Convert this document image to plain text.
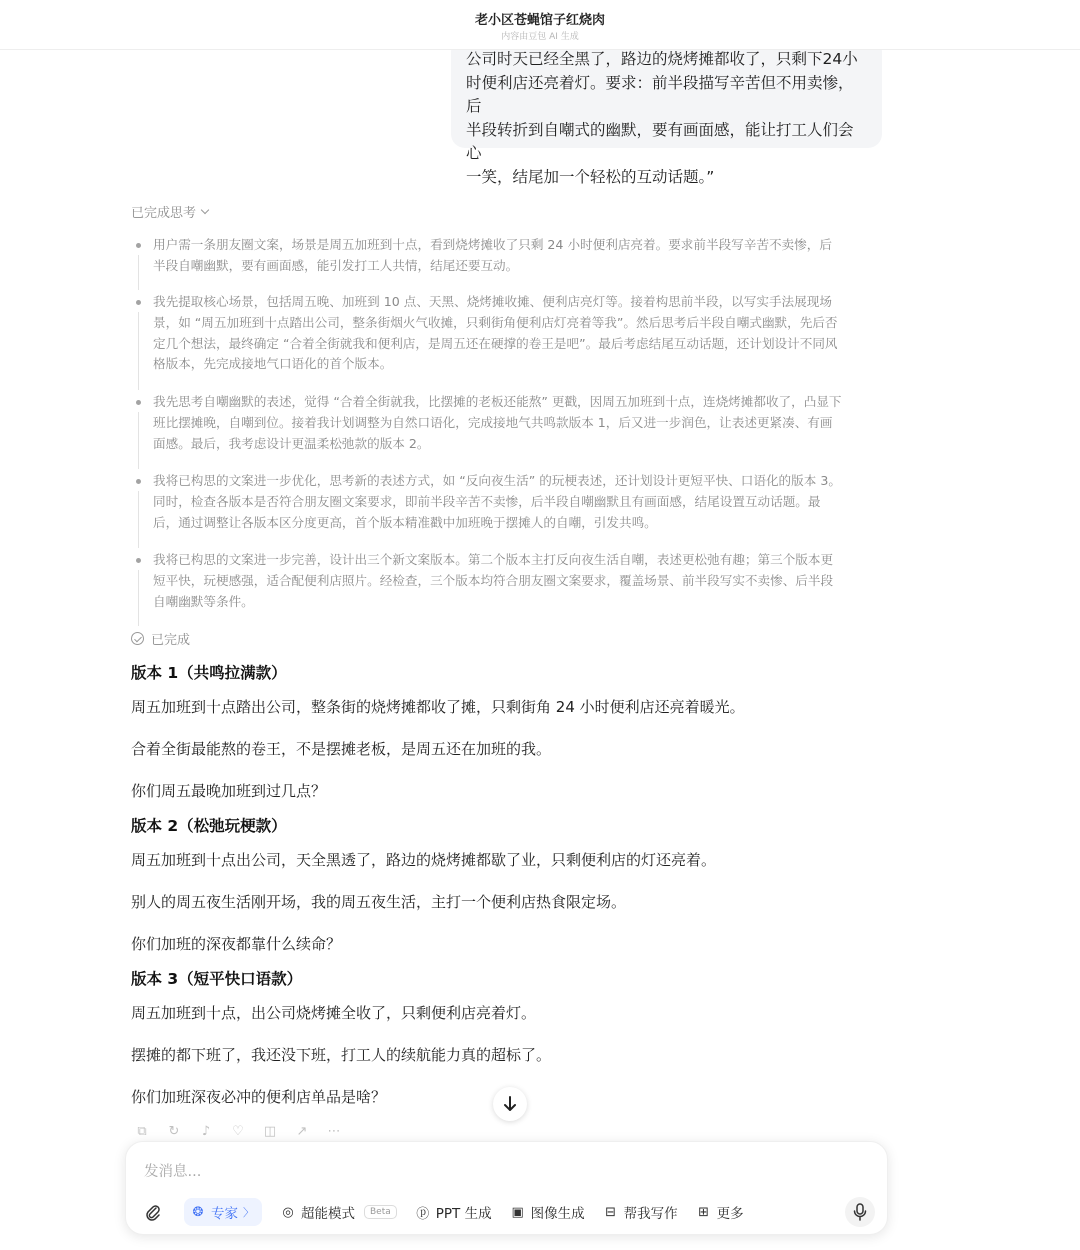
老小区苍蝇馆子红烧肉
内容由豆包 AI 生成
公司时天已经全黑了，路边的烧烤摊都收了，只剩下24小
时便利店还亮着灯。要求：前半段描写辛苦但不用卖惨，后
半段转折到自嘲式的幽默，要有画面感，能让打工人们会心
一笑，结尾加一个轻松的互动话题。”
已完成思考
用户需一条朋友圈文案，场景是周五加班到十点，看到烧烤摊收了只剩 24 小时便利店亮着。要求前半段写辛苦不卖惨，后
半段自嘲幽默，要有画面感，能引发打工人共情，结尾还要互动。
我先提取核心场景，包括周五晚、加班到 10 点、天黑、烧烤摊收摊、便利店亮灯等。接着构思前半段，以写实手法展现场
景，如 “周五加班到十点踏出公司，整条街烟火气收摊，只剩街角便利店灯亮着等我”。然后思考后半段自嘲式幽默，先后否
定几个想法，最终确定 “合着全街就我和便利店，是周五还在硬撑的卷王是吧”。最后考虑结尾互动话题，还计划设计不同风
格版本，先完成接地气口语化的首个版本。
我先思考自嘲幽默的表述，觉得 “合着全街就我，比摆摊的老板还能熬” 更戳，因周五加班到十点，连烧烤摊都收了，凸显下
班比摆摊晚，自嘲到位。接着我计划调整为自然口语化，完成接地气共鸣款版本 1，后又进一步润色，让表述更紧凑、有画
面感。最后，我考虑设计更温柔松弛款的版本 2。
我将已构思的文案进一步优化，思考新的表述方式，如 “反向夜生活” 的玩梗表述，还计划设计更短平快、口语化的版本 3。
同时，检查各版本是否符合朋友圈文案要求，即前半段辛苦不卖惨，后半段自嘲幽默且有画面感，结尾设置互动话题。最
后，通过调整让各版本区分度更高，首个版本精准戳中加班晚于摆摊人的自嘲，引发共鸣。
我将已构思的文案进一步完善，设计出三个新文案版本。第二个版本主打反向夜生活自嘲，表述更松弛有趣；第三个版本更
短平快，玩梗感强，适合配便利店照片。经检查，三个版本均符合朋友圈文案要求，覆盖场景、前半段写实不卖惨、后半段
自嘲幽默等条件。
已完成
版本 1（共鸣拉满款）
周五加班到十点踏出公司，整条街的烧烤摊都收了摊，只剩街角 24 小时便利店还亮着暖光。
合着全街最能熬的卷王，不是摆摊老板，是周五还在加班的我。
你们周五最晚加班到过几点？
版本 2（松弛玩梗款）
周五加班到十点出公司，天全黑透了，路边的烧烤摊都歇了业，只剩便利店的灯还亮着。
别人的周五夜生活刚开场，我的周五夜生活，主打一个便利店热食限定场。
你们加班的深夜都靠什么续命？
版本 3（短平快口语款）
周五加班到十点，出公司烧烤摊全收了，只剩便利店亮着灯。
摆摊的都下班了，我还没下班，打工人的续航能力真的超标了。
你们加班深夜必冲的便利店单品是啥？
⧉ ↻ ♪ ♡ ◫ ↗ ⋯
发消息...
❂ 专家 〉 ◎ 超能模式	Beta	ⓟ PPT 生成 ▣ 图像生成 ⊟ 帮我写作 ⊞ 更多
